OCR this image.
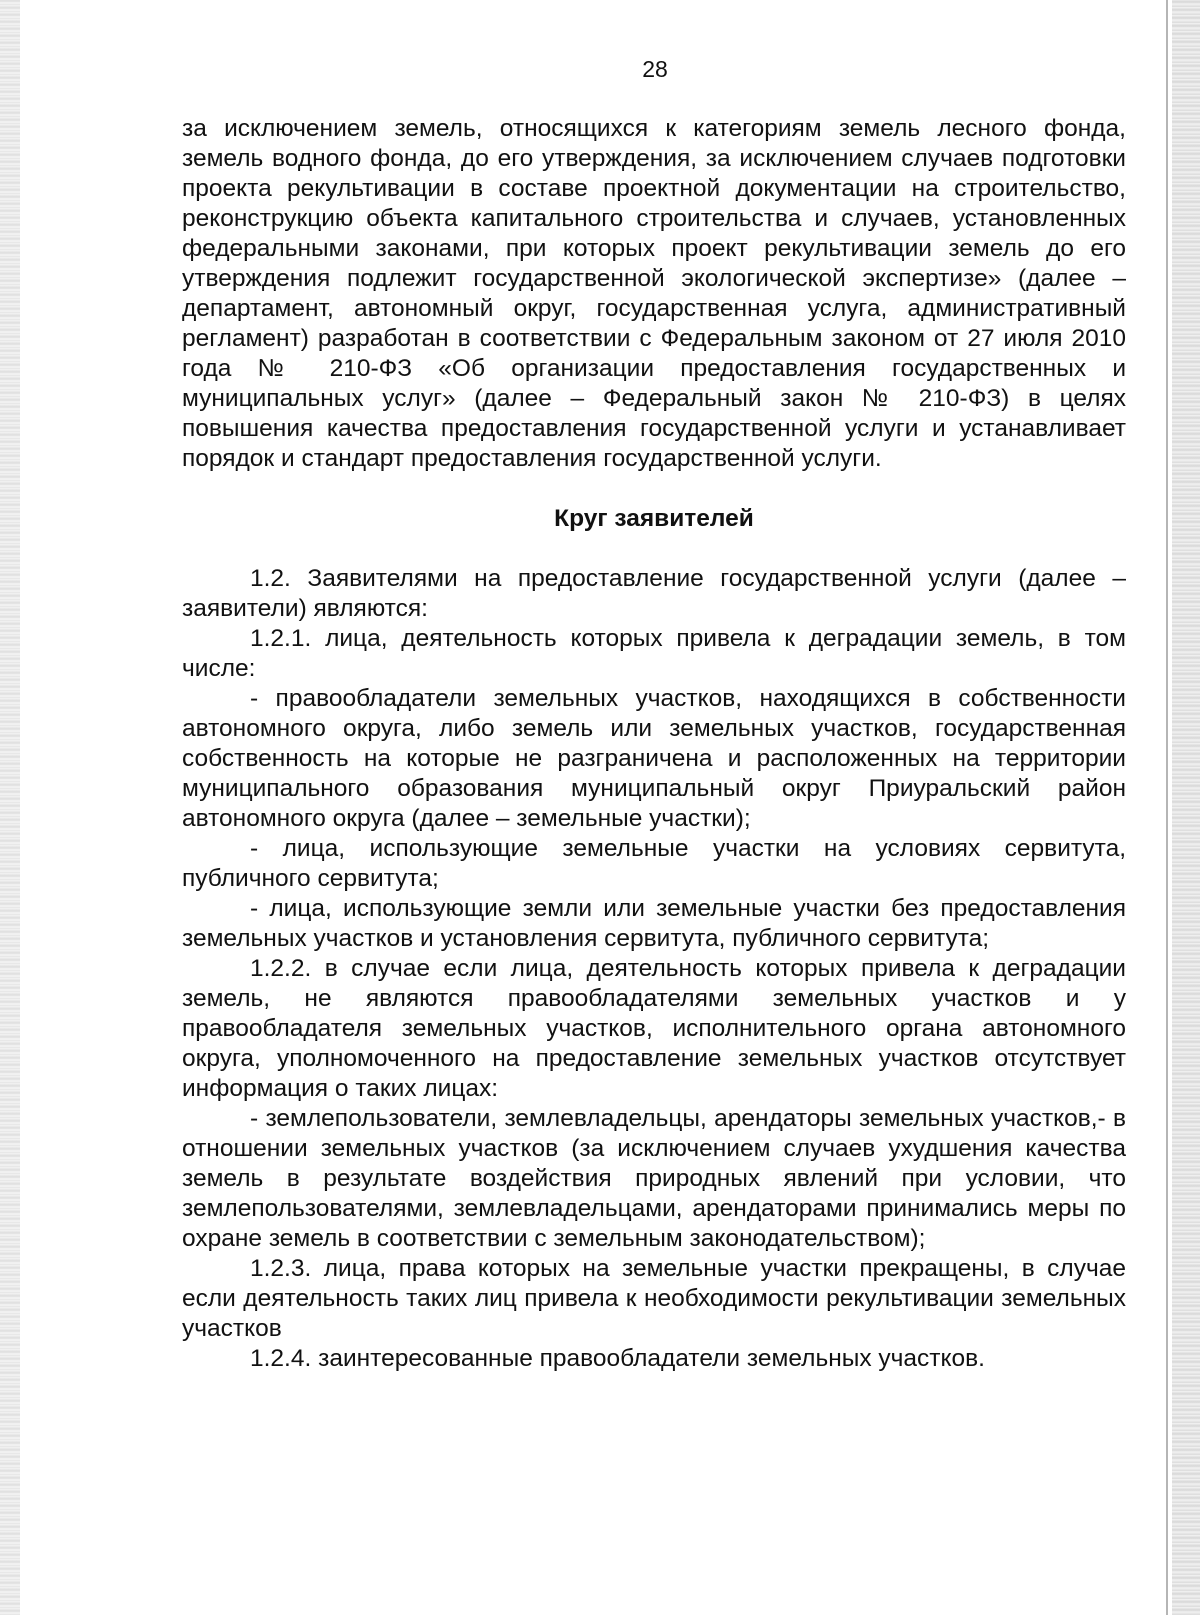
28

за исключением земель, относящихся к категориям земель лесного фонда, земель водного фонда, до его утверждения, за исключением случаев подготовки проекта рекультивации в составе проектной документации на строительство, реконструкцию объекта капитального строительства и случаев, установленных федеральными законами, при которых проект рекультивации земель до его утверждения подлежит государственной экологической экспертизе» (далее – департамент, автономный округ, государственная услуга, административный регламент) разработан в соответствии с Федеральным законом от 27 июля 2010 года № 210-ФЗ «Об организации предоставления государственных и муниципальных услуг» (далее – Федеральный закон № 210-ФЗ) в целях повышения качества предоставления государственной услуги и устанавливает порядок и стандарт предоставления государственной услуги.

Круг заявителей

1.2. Заявителями на предоставление государственной услуги (далее – заявители) являются:

1.2.1. лица, деятельность которых привела к деградации земель, в том числе:

- правообладатели земельных участков, находящихся в собственности автономного округа, либо земель или земельных участков, государственная собственность на которые не разграничена и расположенных на территории муниципального образования муниципальный округ Приуральский район автономного округа (далее – земельные участки);

- лица, использующие земельные участки на условиях сервитута, публичного сервитута;

- лица, использующие земли или земельные участки без предоставления земельных участков и установления сервитута, публичного сервитута;

1.2.2. в случае если лица, деятельность которых привела к деградации земель, не являются правообладателями земельных участков и у правообладателя земельных участков, исполнительного органа автономного округа, уполномоченного на предоставление земельных участков отсутствует информация о таких лицах:

- землепользователи, землевладельцы, арендаторы земельных участков,- в отношении земельных участков (за исключением случаев ухудшения качества земель в результате воздействия природных явлений при условии, что землепользователями, землевладельцами, арендаторами принимались меры по охране земель в соответствии с земельным законодательством);

1.2.3. лица, права которых на земельные участки прекращены, в случае если деятельность таких лиц привела к необходимости рекультивации земельных участков

1.2.4. заинтересованные правообладатели земельных участков.
